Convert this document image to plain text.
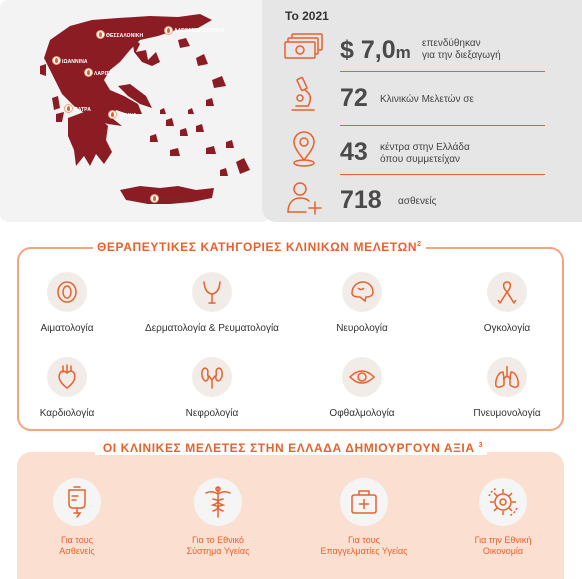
ΘΕΣΣΑΛΟΝΙΚΗ
ΑΛΕΞΑΝΔΡΟΥΠΟΛΗ
ΙΩΑΝΝΙΝΑ
ΛΑΡΙΣΑ
ΠΑΤΡΑ
ΑΘΗΝΑ
ΗΡΑΚΛΕΙΟ
Το 2021
$ 7,0m επενδύθηκαν
για την διεξαγωγή
72 Κλινικών Μελετών σε
43 κέντρα στην Ελλάδα
όπου συμμετείχαν
718 ασθενείς
ΘΕΡΑΠΕΥΤΙΚΕΣ ΚΑΤΗΓΟΡΙΕΣ ΚΛΙΝΙΚΩΝ ΜΕΛΕΤΩΝ$^2$
Αιματολογία	Δερματολογία & Ρευματολογία	Νευρολογία	Ογκολογία
Καρδιολογία	Νεφρολογία	Οφθαλμολογία	Πνευμονολογία
ΟΙ ΚΛΙΝΙΚΕΣ ΜΕΛΕΤΕΣ ΣΤΗΝ ΕΛΛΑΔΑ ΔΗΜΙΟΥΡΓΟΥΝ ΑΞΙΑ $^3$
Για τους
Ασθενείς
Για το Εθνικό
Σύστημα Υγείας
Για τους
Επαγγελματίες Υγείας
Για την Εθνική
Οικονομία
